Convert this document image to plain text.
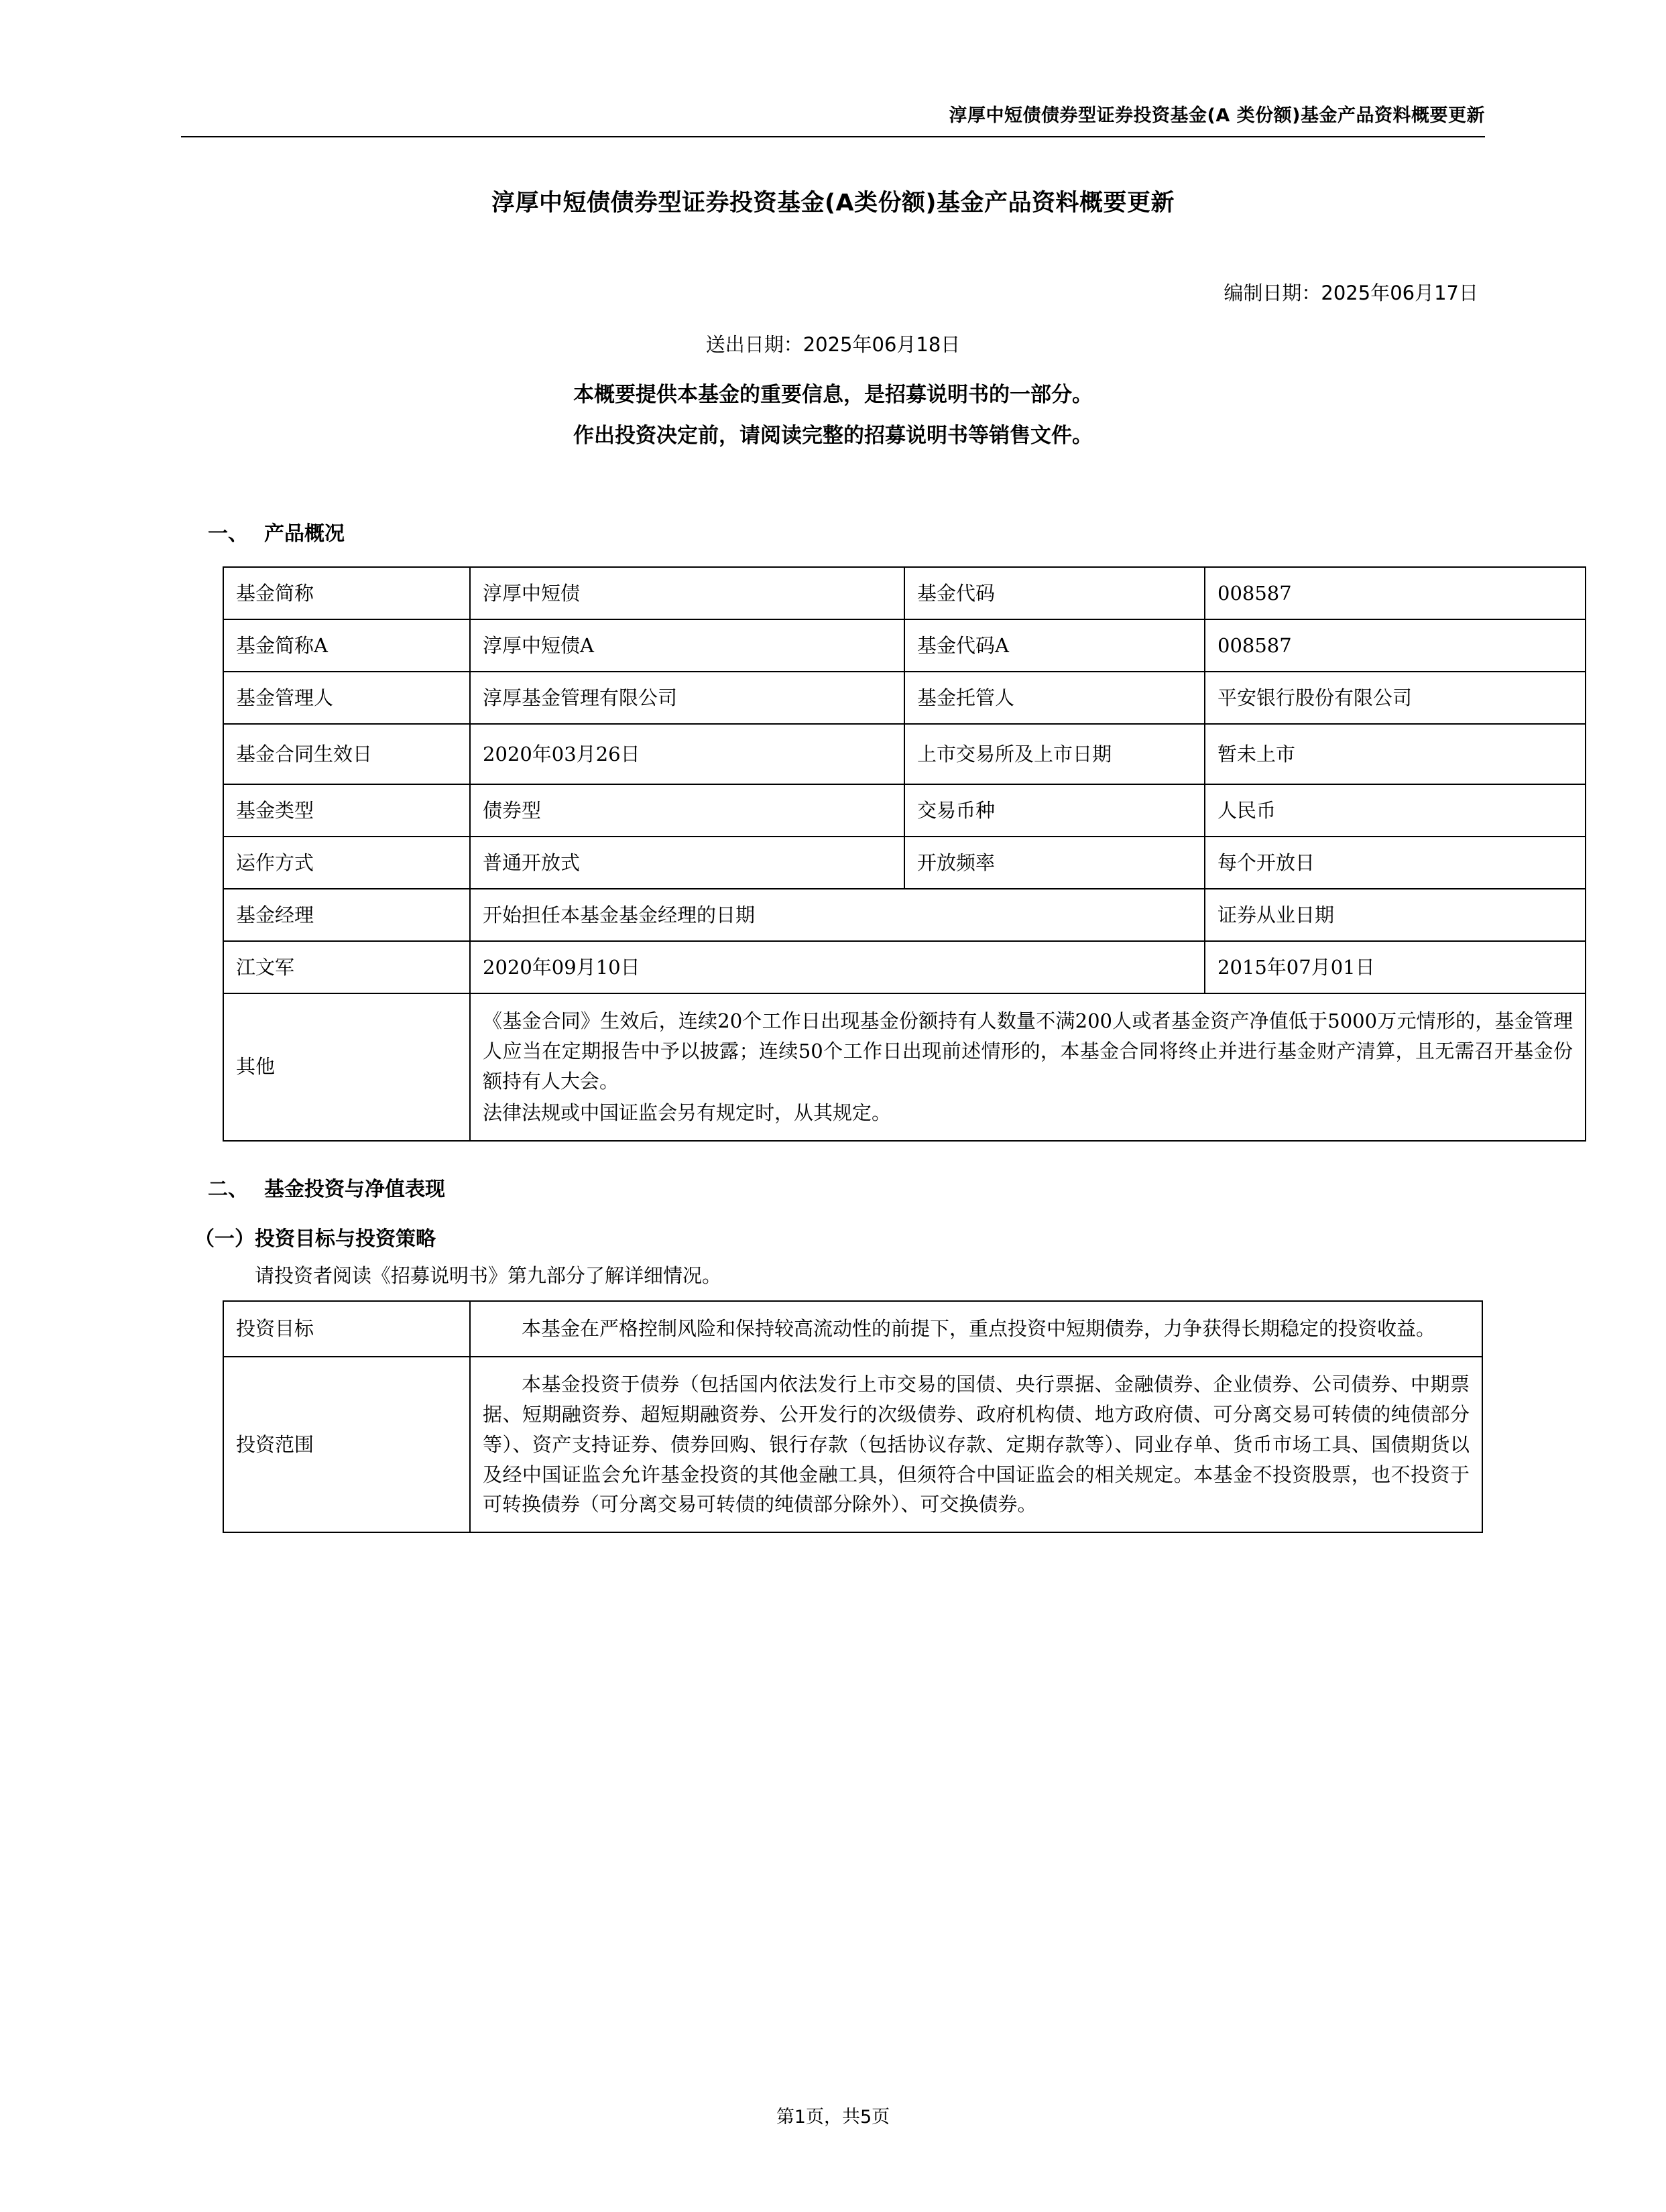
淳厚中短债债券型证券投资基金(A 类份额)基金产品资料概要更新
淳厚中短债债券型证券投资基金(A类份额)基金产品资料概要更新
编制日期：2025年06月17日
送出日期：2025年06月18日
本概要提供本基金的重要信息，是招募说明书的一部分。
作出投资决定前，请阅读完整的招募说明书等销售文件。
一、 产品概况
基金简称	淳厚中短债	基金代码	008587
基金简称A	淳厚中短债A	基金代码A	008587
基金管理人	淳厚基金管理有限公司	基金托管人	平安银行股份有限公司
基金合同生效日	2020年03月26日	上市交易所及上市日期	暂未上市
基金类型	债券型	交易币种	人民币
运作方式	普通开放式	开放频率	每个开放日
基金经理	开始担任本基金基金经理的日期		证券从业日期
江文军	2020年09月10日		2015年07月01日
其他	《基金合同》生效后，连续20个工作日出现基金份额持有人数量不满200人或者基金资产净值低于5000万元情形的，基金管理人应当在定期报告中予以披露；连续50个工作日出现前述情形的，本基金合同将终止并进行基金财产清算，且无需召开基金份额持有人大会。

法律法规或中国证监会另有规定时，从其规定。		

二、 基金投资与净值表现
（一）投资目标与投资策略
请投资者阅读《招募说明书》第九部分了解详细情况。
投资目标	本基金在严格控制风险和保持较高流动性的前提下，重点投资中短期债券，力争获得长期稳定的投资收益。

投资范围	本基金投资于债券（包括国内依法发行上市交易的国债、央行票据、金融债券、企业债券、公司债券、中期票据、短期融资券、超短期融资券、公开发行的次级债券、政府机构债、地方政府债、可分离交易可转债的纯债部分等）、资产支持证券、债券回购、银行存款（包括协议存款、定期存款等）、同业存单、货币市场工具、国债期货以及经中国证监会允许基金投资的其他金融工具，但须符合中国证监会的相关规定。本基金不投资股票，也不投资于可转换债券（可分离交易可转债的纯债部分除外）、可交换债券。

第1页，共5页
